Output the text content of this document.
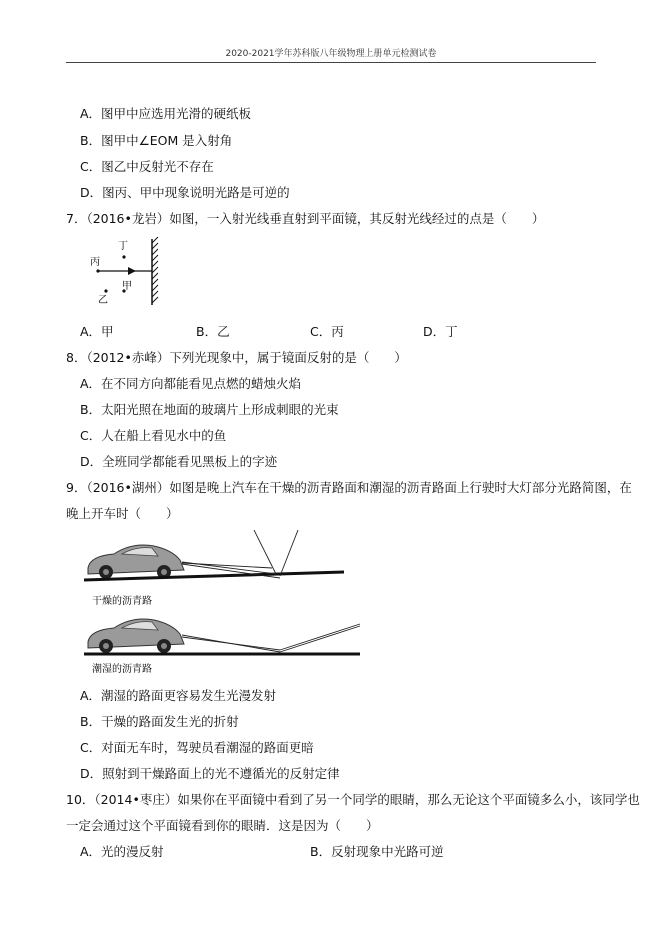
2020-2021学年苏科版八年级物理上册单元检测试卷
A．图甲中应选用光滑的硬纸板
B．图甲中∠EOM 是入射角
C．图乙中反射光不存在
D．图丙、甲中现象说明光路是可逆的
7．（2016•龙岩）如图，一入射光线垂直射到平面镜，其反射光线经过的点是（　　）
丁
丙
甲
乙
A．甲	B．乙	C．丙	D．丁
8．（2012•赤峰）下列光现象中，属于镜面反射的是（　　）
A．在不同方向都能看见点燃的蜡烛火焰
B．太阳光照在地面的玻璃片上形成刺眼的光束
C．人在船上看见水中的鱼
D．全班同学都能看见黑板上的字迹
9．（2016•湖州）如图是晚上汽车在干燥的沥青路面和潮湿的沥青路面上行驶时大灯部分光路简图，在
晚上开车时（　　）
干燥的沥青路
潮湿的沥青路
A．潮湿的路面更容易发生光漫发射
B．干燥的路面发生光的折射
C．对面无车时，驾驶员看潮湿的路面更暗
D．照射到干燥路面上的光不遵循光的反射定律
10．（2014•枣庄）如果你在平面镜中看到了另一个同学的眼睛，那么无论这个平面镜多么小，该同学也
一定会通过这个平面镜看到你的眼睛．这是因为（　　）
A．光的漫反射	B．反射现象中光路可逆
